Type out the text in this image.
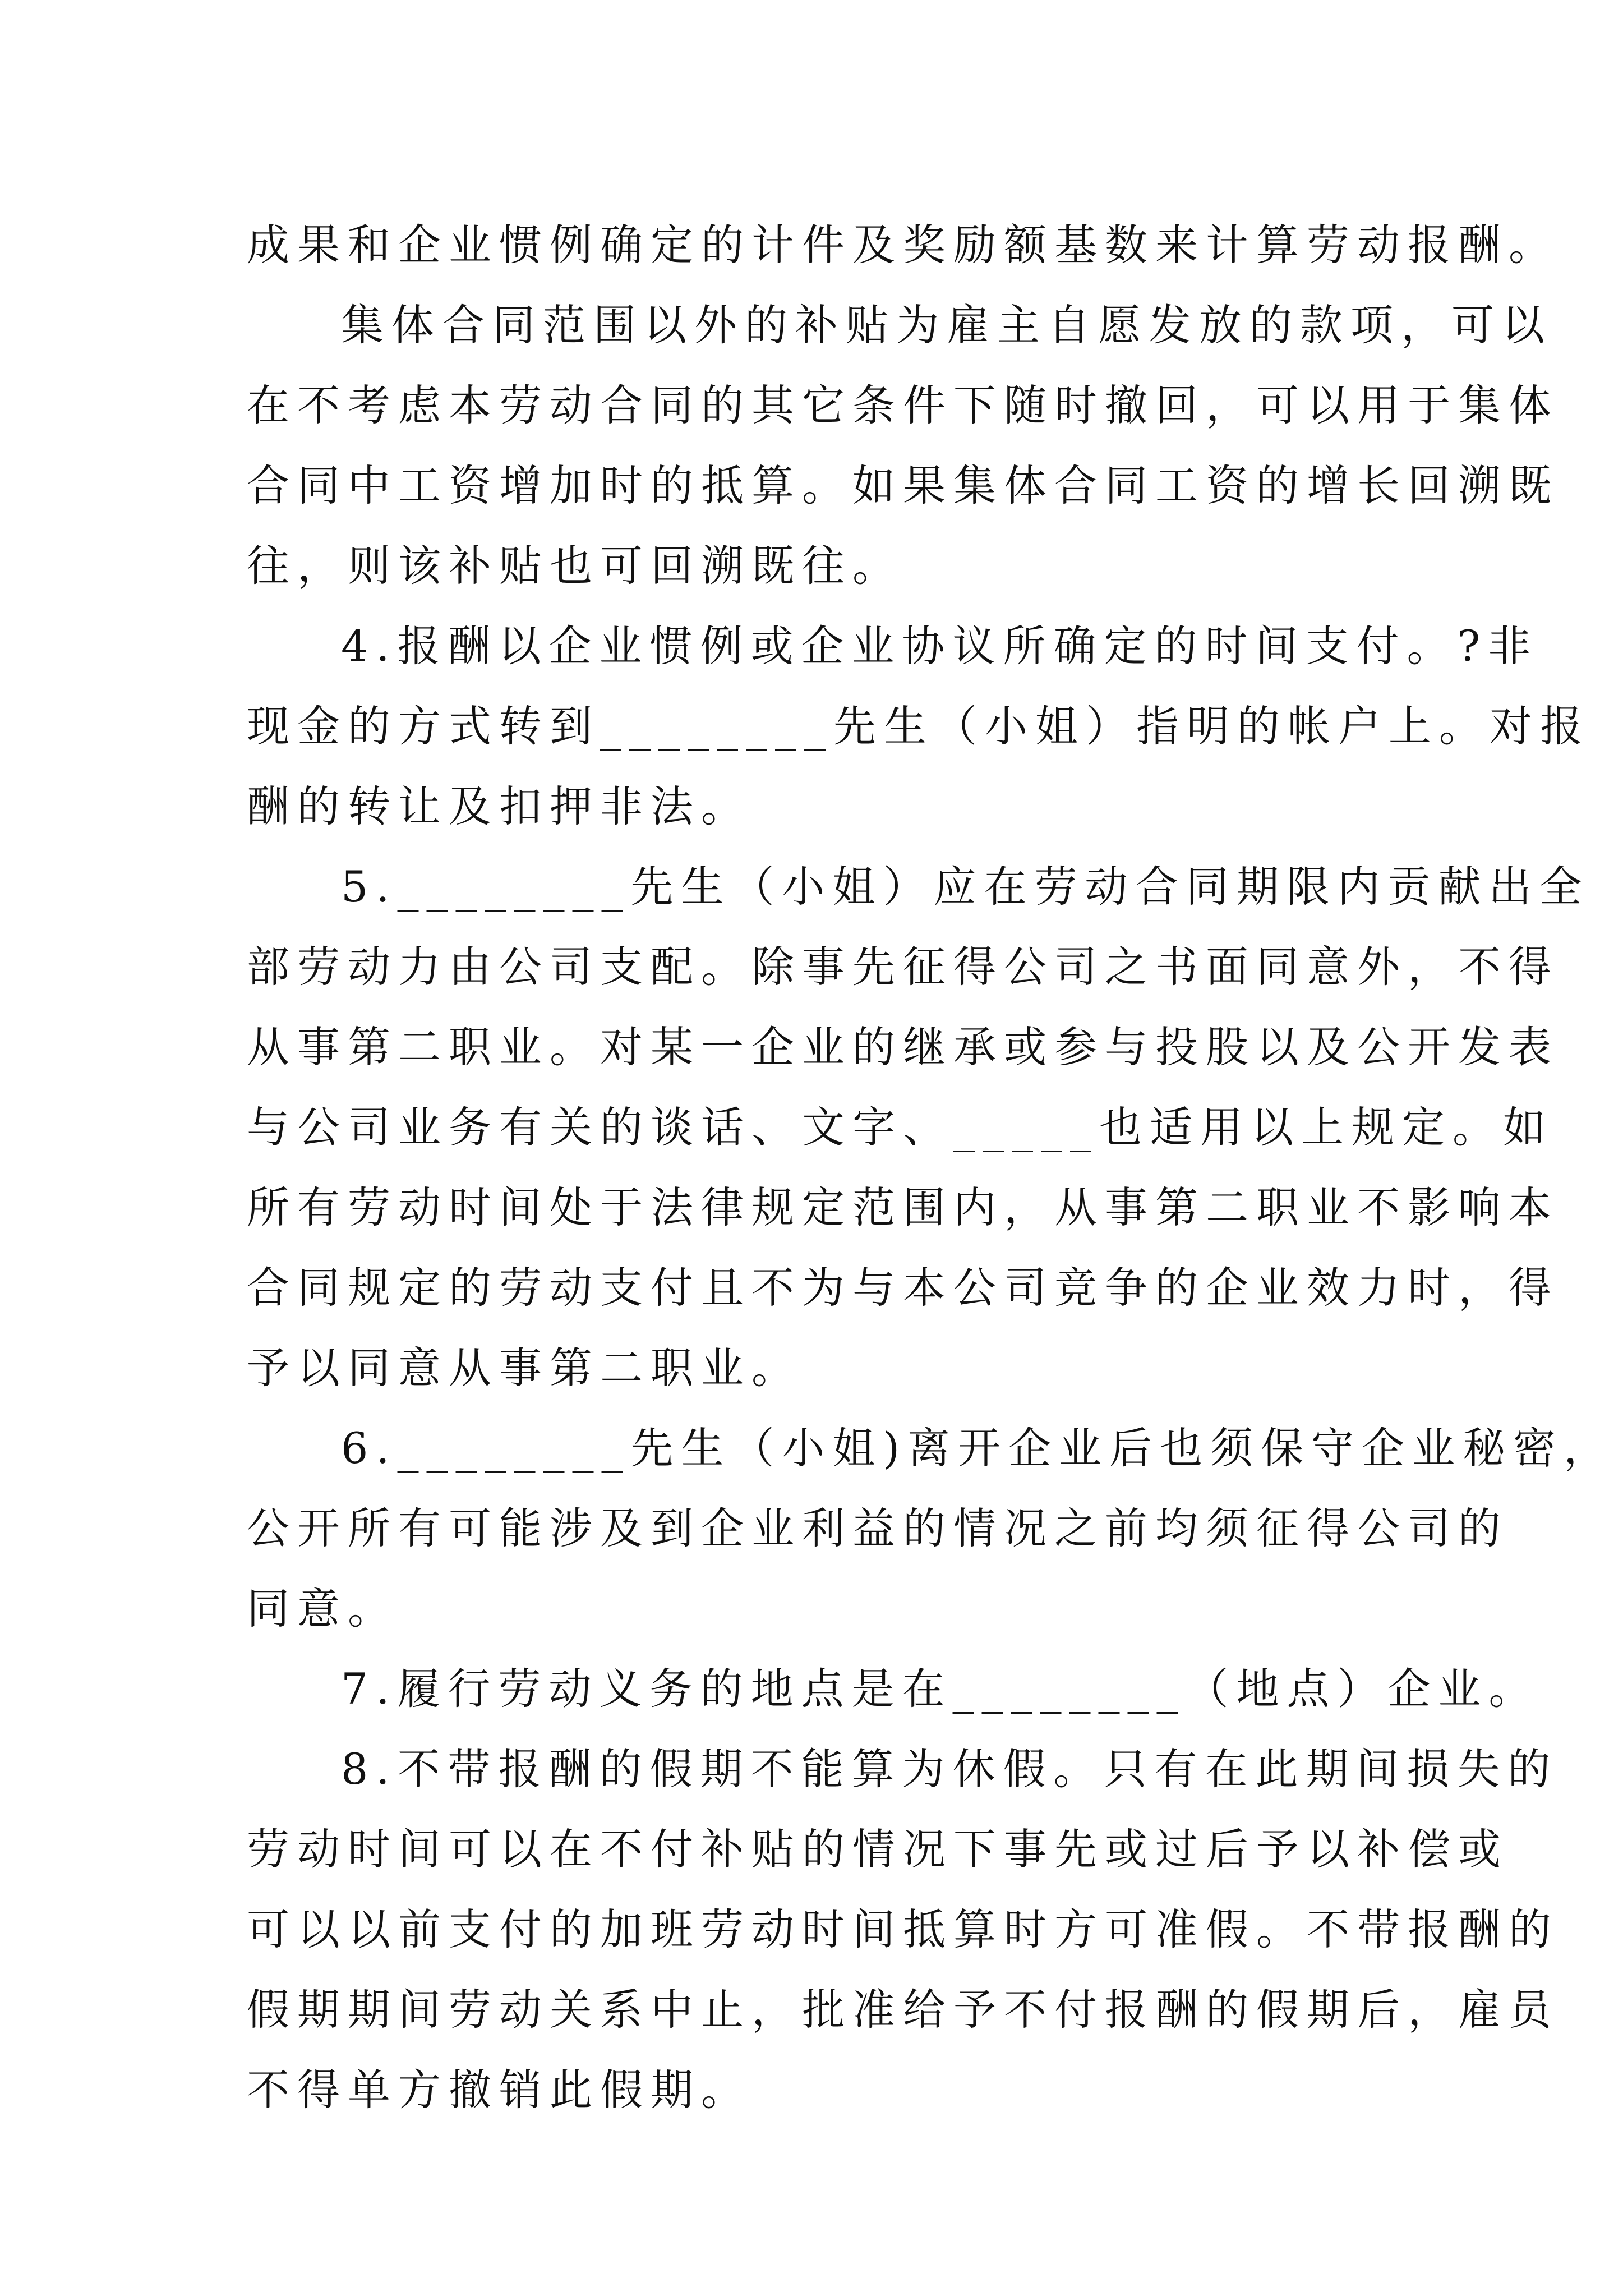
成果和企业惯例确定的计件及奖励额基数来计算劳动报酬。
集体合同范围以外的补贴为雇主自愿发放的款项，可以
在不考虑本劳动合同的其它条件下随时撤回，可以用于集体
合同中工资增加时的抵算。如果集体合同工资的增长回溯既
往，则该补贴也可回溯既往。
4.报酬以企业惯例或企业协议所确定的时间支付。?非
现金的方式转到________先生（小姐）指明的帐户上。对报
酬的转让及扣押非法。
5.________先生（小姐）应在劳动合同期限内贡献出全
部劳动力由公司支配。除事先征得公司之书面同意外，不得
从事第二职业。对某一企业的继承或参与投股以及公开发表
与公司业务有关的谈话、文字、_____也适用以上规定。如
所有劳动时间处于法律规定范围内，从事第二职业不影响本
合同规定的劳动支付且不为与本公司竞争的企业效力时，得
予以同意从事第二职业。
6.________先生（小姐)离开企业后也须保守企业秘密，
公开所有可能涉及到企业利益的情况之前均须征得公司的
同意。
7.履行劳动义务的地点是在________（地点）企业。
8.不带报酬的假期不能算为休假。只有在此期间损失的
劳动时间可以在不付补贴的情况下事先或过后予以补偿或
可以以前支付的加班劳动时间抵算时方可准假。不带报酬的
假期期间劳动关系中止，批准给予不付报酬的假期后，雇员
不得单方撤销此假期。
